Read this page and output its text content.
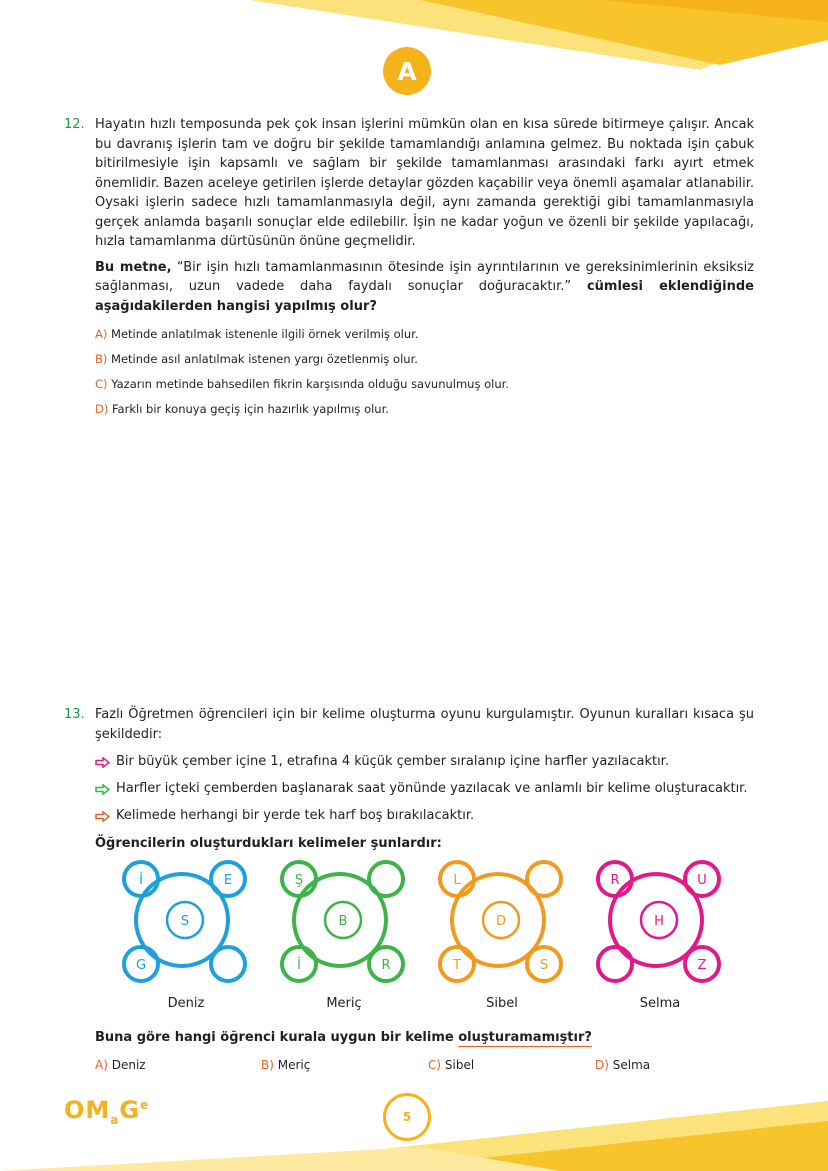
A
12. Hayatın hızlı temposunda pek çok insan işlerini mümkün olan en kısa sürede bitirmeye çalışır. Ancak bu davranış işlerin tam ve doğru bir şekilde tamamlandığı anlamına gelmez. Bu noktada işin çabuk bitirilmesiyle işin kapsamlı ve sağlam bir şekilde tamamlanması arasındaki farkı ayırt etmek önemlidir. Bazen aceleye getirilen işlerde detaylar gözden kaçabilir veya önemli aşamalar atlanabilir. Oysaki işlerin sadece hızlı tamamlanmasıyla değil, aynı zamanda gerektiği gibi tamamlanmasıyla gerçek anlamda başarılı sonuçlar elde edilebilir. İşin ne kadar yoğun ve özenli bir şekilde yapılacağı, hızla tamamlanma dürtüsünün önüne geçmelidir.

Bu metne, “Bir işin hızlı tamamlanmasının ötesinde işin ayrıntılarının ve gereksinimlerinin eksiksiz sağlanması, uzun vadede daha faydalı sonuçlar doğuracaktır.” cümlesi eklendiğinde aşağıdakilerden hangisi yapılmış olur?

A) Metinde anlatılmak istenenle ilgili örnek verilmiş olur.
B) Metinde asıl anlatılmak istenen yargı özetlenmiş olur.
C) Yazarın metinde bahsedilen fikrin karşısında olduğu savunulmuş olur.
D) Farklı bir konuya geçiş için hazırlık yapılmış olur.
13. Fazlı Öğretmen öğrencileri için bir kelime oluşturma oyunu kurgulamıştır. Oyunun kuralları kısaca şu şekildedir:

Bir büyük çember içine 1, etrafına 4 küçük çember sıralanıp içine harfler yazılacaktır.
Harfler içteki çemberden başlanarak saat yönünde yazılacak ve anlamlı bir kelime oluşturacaktır.
Kelimede herhangi bir yerde tek harf boş bırakılacaktır.

Öğrencilerin oluşturdukları kelimeler şunlardır:

S
İ	E
G
B
Ş
İ	R
D
L
T	S
H
R	U
Z
Deniz	Meriç	Sibel	Selma
Buna göre hangi öğrenci kurala uygun bir kelime oluşturamamıştır?
A) Deniz	B) Meriç	C) Sibel	D) Selma
$OM_aG^e$
5
